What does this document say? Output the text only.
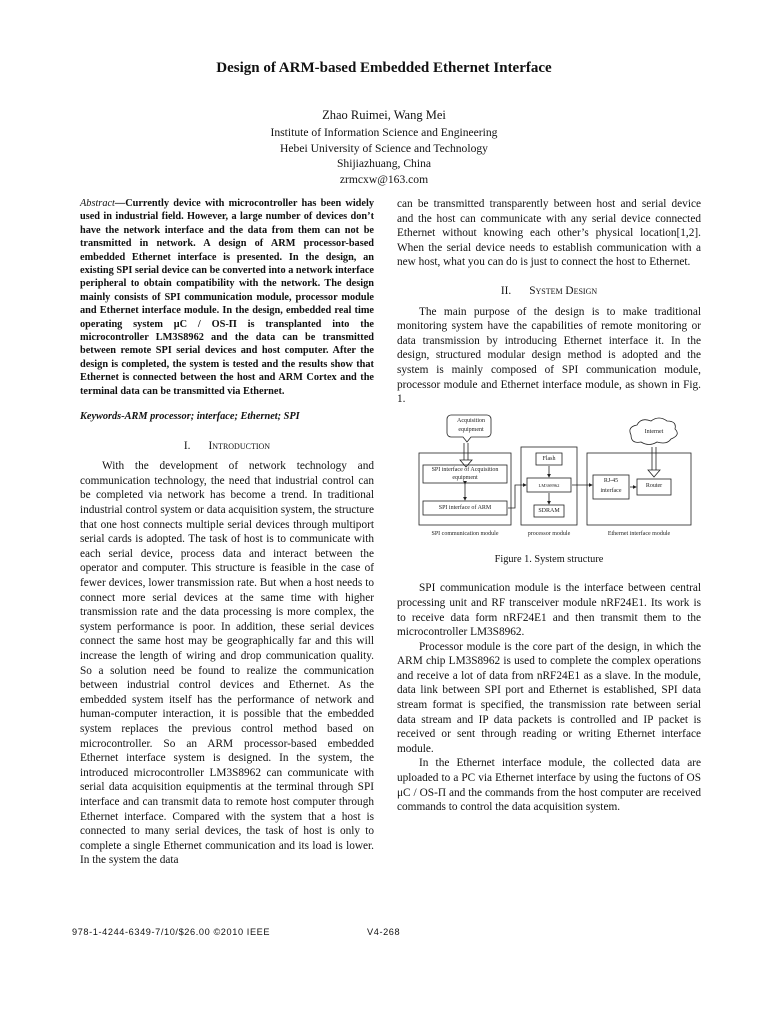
Design of ARM-based Embedded Ethernet Interface
Zhao Ruimei, Wang Mei
Institute of Information Science and Engineering
Hebei University of Science and Technology
Shijiazhuang, China
zrmcxw@163.com

Abstract—Currently device with microcontroller has been widely used in industrial field. However, a large number of devices don’t have the network interface and the data from them can not be transmitted in network. A design of ARM processor-based embedded Ethernet interface is presented. In the design, an existing SPI serial device can be converted into a network interface peripheral to obtain compatibility with the network. The design mainly consists of SPI communication module, processor module and Ethernet interface module. In the design, embedded real time operating system μC / OS-Π is transplanted into the microcontroller LM3S8962 and the data can be transmitted between remote SPI serial devices and host computer. After the design is completed, the system is tested and the results show that Ethernet is connected between the host and ARM Cortex and the terminal data can be transmitted via Ethernet.

Keywords-ARM processor; interface; Ethernet; SPI

I. Introduction

With the development of network technology and communication technology, the need that industrial control can be completed via network has become a trend. In traditional industrial control system or data acquisition system, the structure that one host connects multiple serial devices through multiport serial cards is adopted. The task of host is to communicate with each serial device, process data and interact between the operator and computer. This structure is feasible in the case of fewer devices, lower transmission rate. But when a host needs to connect more serial devices at the same time with higher transmission rate and the data processing is more complex, the system performance is poor. In addition, these serial devices connect the same host may be geographically far and this will increase the length of wiring and drop communication quality. So a solution need be found to realize the communication between industrial control devices and Ethernet. As the embedded system itself has the performance of network and human-computer interaction, it is possible that the embedded system replaces the previous control method based on microcontroller. So an ARM processor-based embedded Ethernet interface system is designed. In the system, the introduced microcontroller LM3S8962 can communicate with serial data acquisition equipmentis at the terminal through SPI interface and can transmit data to remote host computer through Ethernet interface. Compared with the system that a host is connected to many serial devices, the task of host is only to complete a single Ethernet communication and its load is lower. In the system the data

can be transmitted transparently between host and serial device and the host can communicate with any serial device connected Ethernet without knowing each other’s physical location[1,2]. When the serial device needs to establish communication with a new host, what you can do is just to connect the host to Ethernet.

II. System Design

The main purpose of the design is to make traditional monitoring system have the capabilities of remote monitoring or data transmission by introducing Ethernet interface it. In the design, structured modular design method is adopted and the system is mainly composed of SPI communication module, processor module and Ethernet interface module, as shown in Fig. 1.

Acquisition
equipment	Internet
SPI interface of Acquisition
equipment
SPI interface of ARM
Flash
LM3S8962
SDRAM
RJ-45
interface
Router
SPI communication module	processor module	Ethernet interface module
Figure 1. System structure

SPI communication module is the interface between central processing unit and RF transceiver module nRF24E1. Its work is to receive data form nRF24E1 and then transmit them to the microcontroller LM3S8962.

Processor module is the core part of the design, in which the ARM chip LM3S8962 is used to complete the complex operations and receive a lot of data from nRF24E1 as a slave. In the module, data link between SPI port and Ethernet is established, SPI data stream format is specified, the transmission rate between serial data stream and IP data packets is controlled and IP packet is received or sent through reading or writing Ethernet interface module.

In the Ethernet interface module, the collected data are uploaded to a PC via Ethernet interface by using the fuctons of OS μC / OS-Π and the commands from the host computer are received commands to control the data acquisition system.

978-1-4244-6349-7/10/$26.00 ©2010 IEEE	V4-268
